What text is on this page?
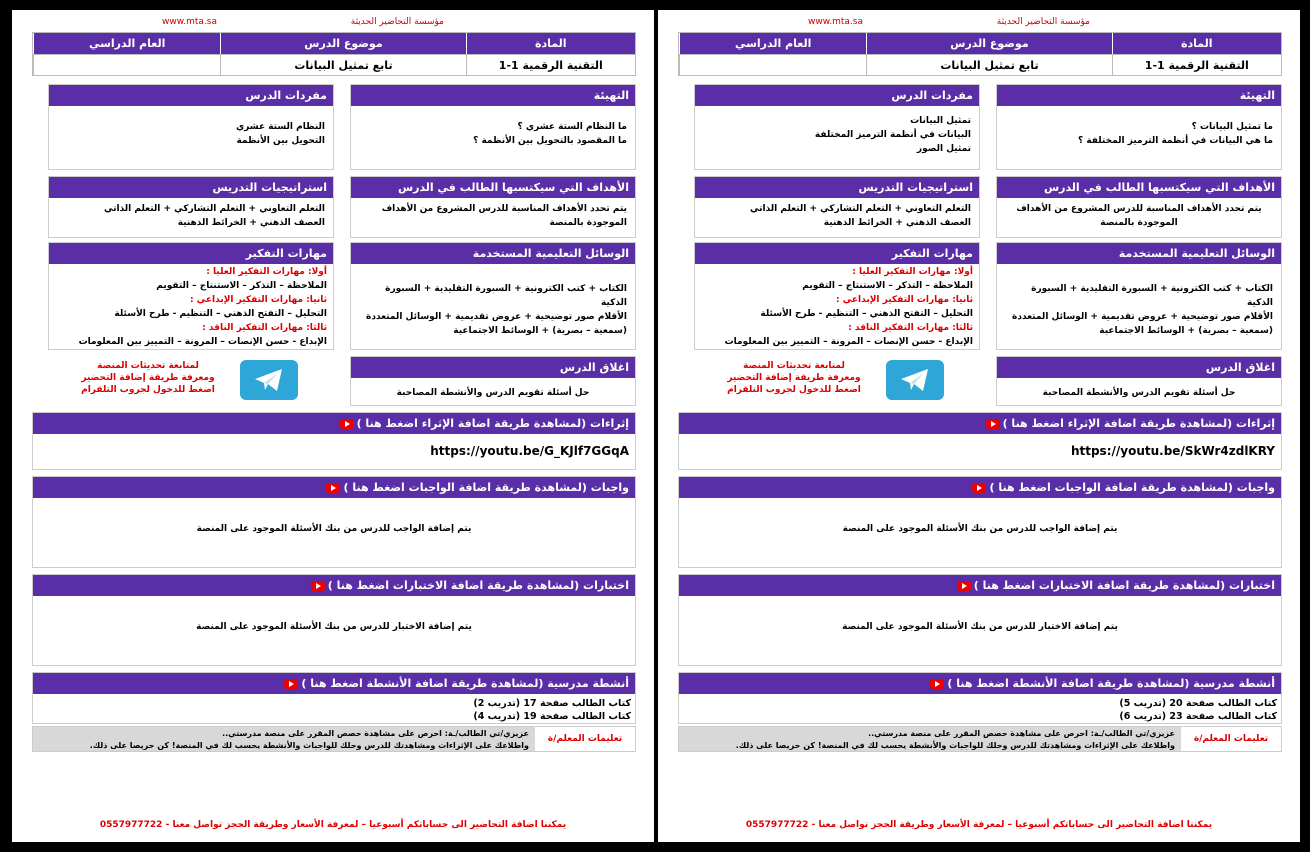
مؤسسة التحاضير الحديثة
www.mta.sa
المادة
موضوع الدرس
العام الدراسي
التقنية الرقمية 1-1
تابع تمثيل البيانات
التهيئة
ما النظام الستة عشري ؟
ما المقصود بالتحويل بين الأنظمة ؟
مفردات الدرس
النظام الستة عشري
التحويل بين الأنظمة
الأهداف التي سيكتسبها الطالب في الدرس
يتم تحدد الأهداف المناسبة للدرس المشروع من الأهداف الموجودة بالمنصة
استراتيجيات التدريس
التعلم التعاوني + التعلم التشاركي + التعلم الذاتي
العصف الذهني + الخرائط الذهنية
الوسائل التعليمية المستخدمة
الكتاب + كتب الكترونية + السبورة التقليدية + السبورة الذكية
الأقلام صور توضيحية + عروض تقديمية + الوسائل المتعددة
(سمعية – بصرية) + الوسائط الاجتماعية
مهارات التفكير
أولا: مهارات التفكير العليا :
الملاحظة – التذكر – الاستنتاج – التقويم
ثانيا: مهارات التفكير الإبداعي :
التحليل – التفتح الذهني – التنظيم - طرح الأسئلة
ثالثا: مهارات التفكير الناقد :
الإبداع - حسن الإنصات – المرونة – التمييز بين المعلومات
اغلاق الدرس
حل أسئلة تقويم الدرس والأنشطة المصاحبة
لمتابعة تحديثات المنصة
ومعرفة طريقة إضافة التحضير
اضغط للدخول لجروب التلقرام
إثراءات (لمشاهدة طريقة اضافة الإثراء اضغط هنا )
https://youtu.be/G_KJlf7GGqA
واجبات (لمشاهدة طريقة اضافة الواجبات اضغط هنا )
يتم إضافة الواجب للدرس من بنك الأسئلة الموجود على المنصة
اختبارات (لمشاهدة طريقة اضافة الاختبارات اضغط هنا )
يتم إضافة الاختبار للدرس من بنك الأسئلة الموجود على المنصة
أنشطة مدرسية (لمشاهدة طريقة اضافة الأنشطة اضغط هنا )
كتاب الطالب صفحة 17 (تدريب 2)
كتاب الطالب صفحة 19 (تدريب 4)
تعليمات المعلم/ة
عزيزي/تي الطالب/ـة: احرص على مشاهدة حصص المقرر على منصة مدرستي..
واطلاعك على الإثراءات ومشاهدتك للدرس وحلك للواجبات والأنشطة يحسب لك في المنصة! كن حريصا على ذلك.
يمكننا اضافة التحاضير الى حساباتكم أسبوعيا – لمعرفة الأسعار وطريقة الحجز تواصل معنا - 0557977722
مؤسسة التحاضير الحديثة
www.mta.sa
المادة
موضوع الدرس
العام الدراسي
التقنية الرقمية 1-1
تابع تمثيل البيانات
التهيئة
ما تمثيل البيانات ؟
ما هي البيانات في أنظمة الترميز المختلفة ؟
مفردات الدرس
تمثيل البيانات
البيانات في أنظمة الترميز المختلفة
تمثيل الصور
الأهداف التي سيكتسبها الطالب في الدرس
يتم تحدد الأهداف المناسبة للدرس المشروع من الأهداف الموجودة بالمنصة
استراتيجيات التدريس
التعلم التعاوني + التعلم التشاركي + التعلم الذاتي
العصف الذهني + الخرائط الذهنية
الوسائل التعليمية المستخدمة
الكتاب + كتب الكترونية + السبورة التقليدية + السبورة الذكية
الأقلام صور توضيحية + عروض تقديمية + الوسائل المتعددة
(سمعية – بصرية) + الوسائط الاجتماعية
مهارات التفكير
أولا: مهارات التفكير العليا :
الملاحظة – التذكر – الاستنتاج – التقويم
ثانيا: مهارات التفكير الإبداعي :
التحليل – التفتح الذهني – التنظيم - طرح الأسئلة
ثالثا: مهارات التفكير الناقد :
الإبداع - حسن الإنصات – المرونة – التمييز بين المعلومات
اغلاق الدرس
حل أسئلة تقويم الدرس والأنشطة المصاحبة
لمتابعة تحديثات المنصة
ومعرفة طريقة إضافة التحضير
اضغط للدخول لجروب التلقرام
إثراءات (لمشاهدة طريقة اضافة الإثراء اضغط هنا )
https://youtu.be/SkWr4zdlKRY
واجبات (لمشاهدة طريقة اضافة الواجبات اضغط هنا )
يتم إضافة الواجب للدرس من بنك الأسئلة الموجود على المنصة
اختبارات (لمشاهدة طريقة اضافة الاختبارات اضغط هنا )
يتم إضافة الاختبار للدرس من بنك الأسئلة الموجود على المنصة
أنشطة مدرسية (لمشاهدة طريقة اضافة الأنشطة اضغط هنا )
كتاب الطالب صفحة 20 (تدريب 5)
كتاب الطالب صفحة 23 (تدريب 6)
تعليمات المعلم/ة
عزيزي/تي الطالب/ـة: احرص على مشاهدة حصص المقرر على منصة مدرستي..
واطلاعك على الإثراءات ومشاهدتك للدرس وحلك للواجبات والأنشطة يحسب لك في المنصة! كن حريصا على ذلك.
يمكننا اضافة التحاضير الى حساباتكم أسبوعيا – لمعرفة الأسعار وطريقة الحجز تواصل معنا - 0557977722
